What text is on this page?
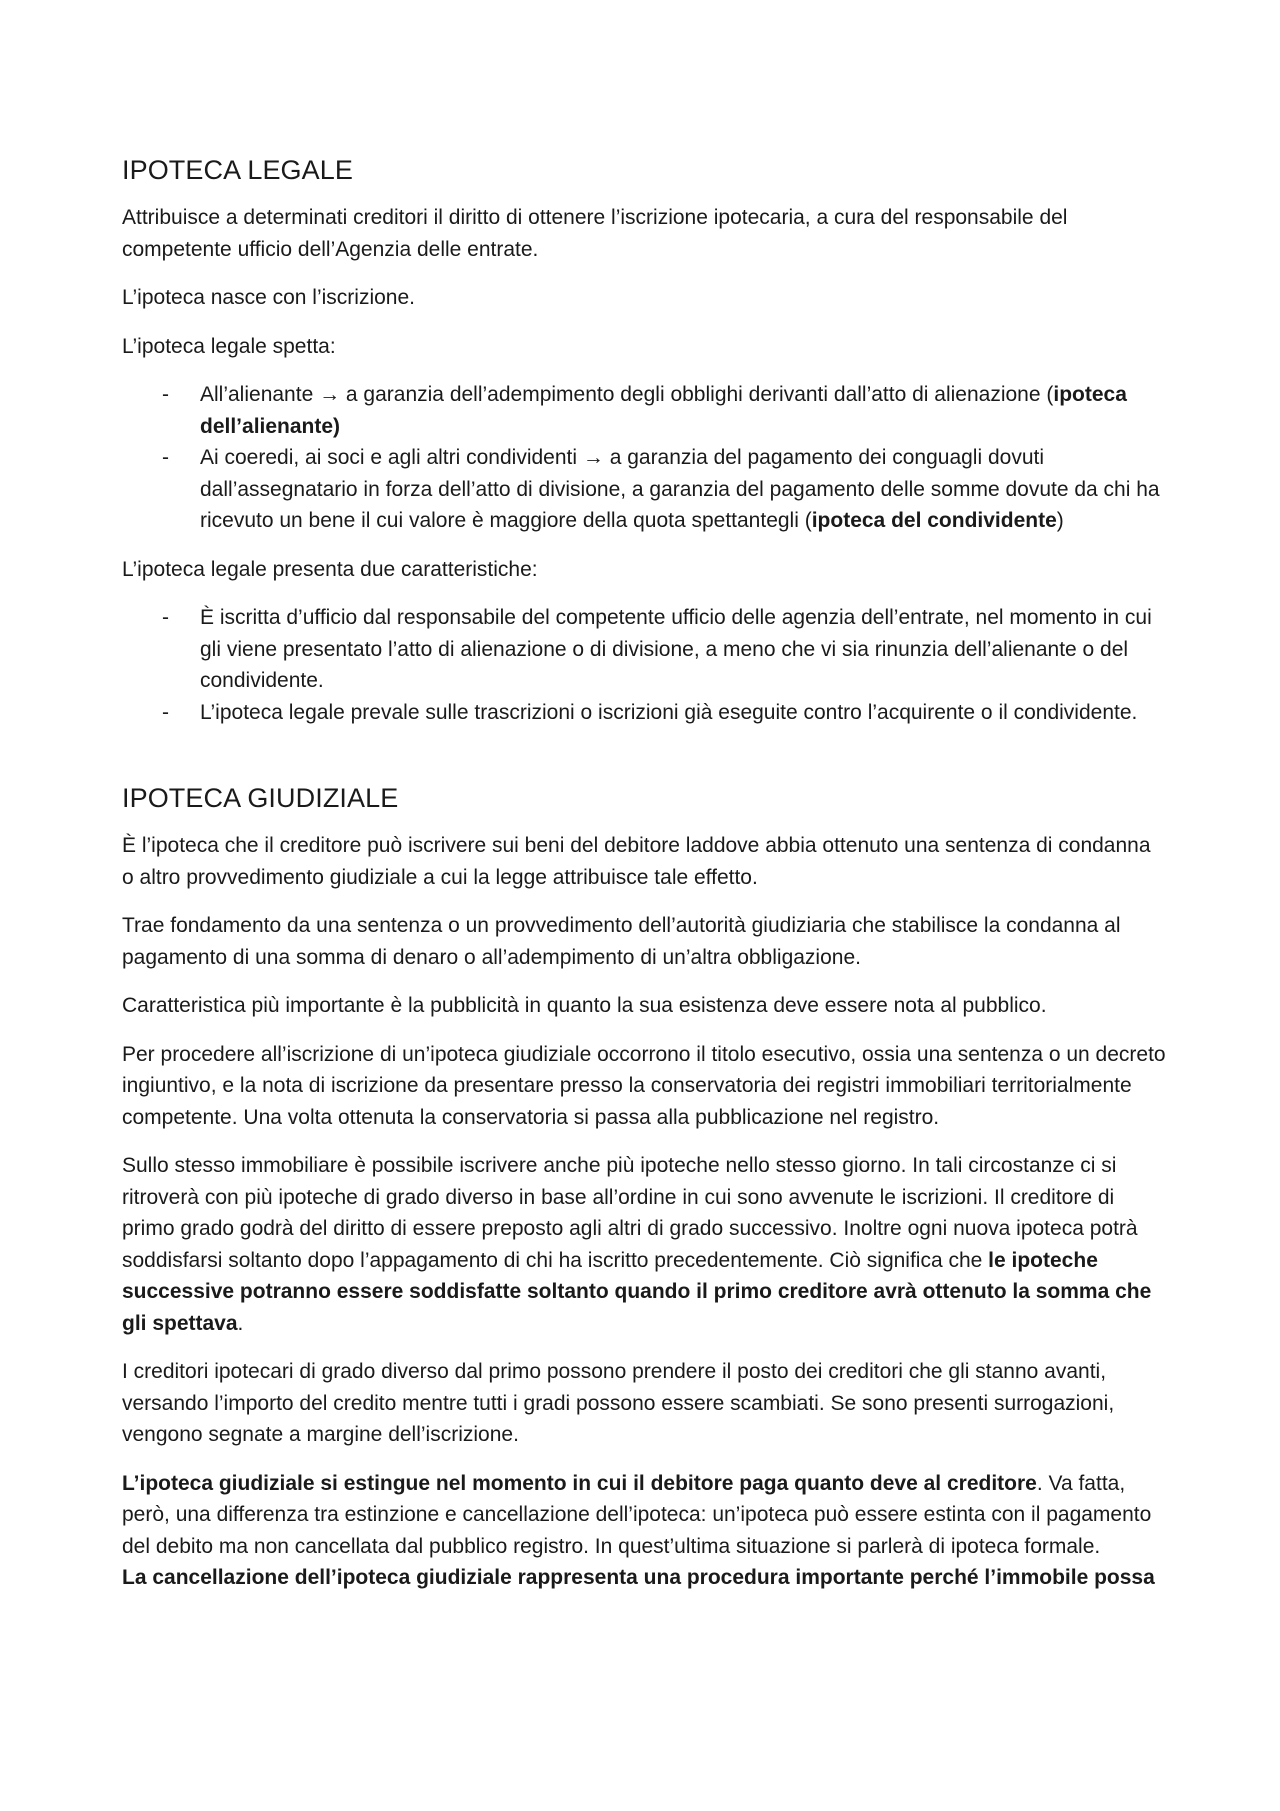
IPOTECA LEGALE

Attribuisce a determinati creditori il diritto di ottenere l’iscrizione ipotecaria, a cura del responsabile del competente ufficio dell’Agenzia delle entrate.

L’ipoteca nasce con l’iscrizione.

L’ipoteca legale spetta:

- All’alienante → a garanzia dell’adempimento degli obblighi derivanti dall’atto di alienazione (ipoteca dell’alienante)
- Ai coeredi, ai soci e agli altri condividenti → a garanzia del pagamento dei conguagli dovuti dall’assegnatario in forza dell’atto di divisione, a garanzia del pagamento delle somme dovute da chi ha ricevuto un bene il cui valore è maggiore della quota spettantegli (ipoteca del condividente)

L’ipoteca legale presenta due caratteristiche:

- È iscritta d’ufficio dal responsabile del competente ufficio delle agenzia dell’entrate, nel momento in cui gli viene presentato l’atto di alienazione o di divisione, a meno che vi sia rinunzia dell’alienante o del condividente.
- L’ipoteca legale prevale sulle trascrizioni o iscrizioni già eseguite contro l’acquirente o il condividente.
IPOTECA GIUDIZIALE

È l’ipoteca che il creditore può iscrivere sui beni del debitore laddove abbia ottenuto una sentenza di condanna o altro provvedimento giudiziale a cui la legge attribuisce tale effetto.

Trae fondamento da una sentenza o un provvedimento dell’autorità giudiziaria che stabilisce la condanna al pagamento di una somma di denaro o all’adempimento di un’altra obbligazione.

Caratteristica più importante è la pubblicità in quanto la sua esistenza deve essere nota al pubblico.

Per procedere all’iscrizione di un’ipoteca giudiziale occorrono il titolo esecutivo, ossia una sentenza o un decreto ingiuntivo, e la nota di iscrizione da presentare presso la conservatoria dei registri immobiliari territorialmente competente. Una volta ottenuta la conservatoria si passa alla pubblicazione nel registro.

Sullo stesso immobiliare è possibile iscrivere anche più ipoteche nello stesso giorno. In tali circostanze ci si ritroverà con più ipoteche di grado diverso in base all’ordine in cui sono avvenute le iscrizioni. Il creditore di primo grado godrà del diritto di essere preposto agli altri di grado successivo. Inoltre ogni nuova ipoteca potrà soddisfarsi soltanto dopo l’appagamento di chi ha iscritto precedentemente. Ciò significa che le ipoteche successive potranno essere soddisfatte soltanto quando il primo creditore avrà ottenuto la somma che gli spettava.

I creditori ipotecari di grado diverso dal primo possono prendere il posto dei creditori che gli stanno avanti, versando l’importo del credito mentre tutti i gradi possono essere scambiati. Se sono presenti surrogazioni, vengono segnate a margine dell’iscrizione.

L’ipoteca giudiziale si estingue nel momento in cui il debitore paga quanto deve al creditore. Va fatta, però, una differenza tra estinzione e cancellazione dell’ipoteca: un’ipoteca può essere estinta con il pagamento del debito ma non cancellata dal pubblico registro. In quest’ultima situazione si parlerà di ipoteca formale.

La cancellazione dell’ipoteca giudiziale rappresenta una procedura importante perché l’immobile possa
